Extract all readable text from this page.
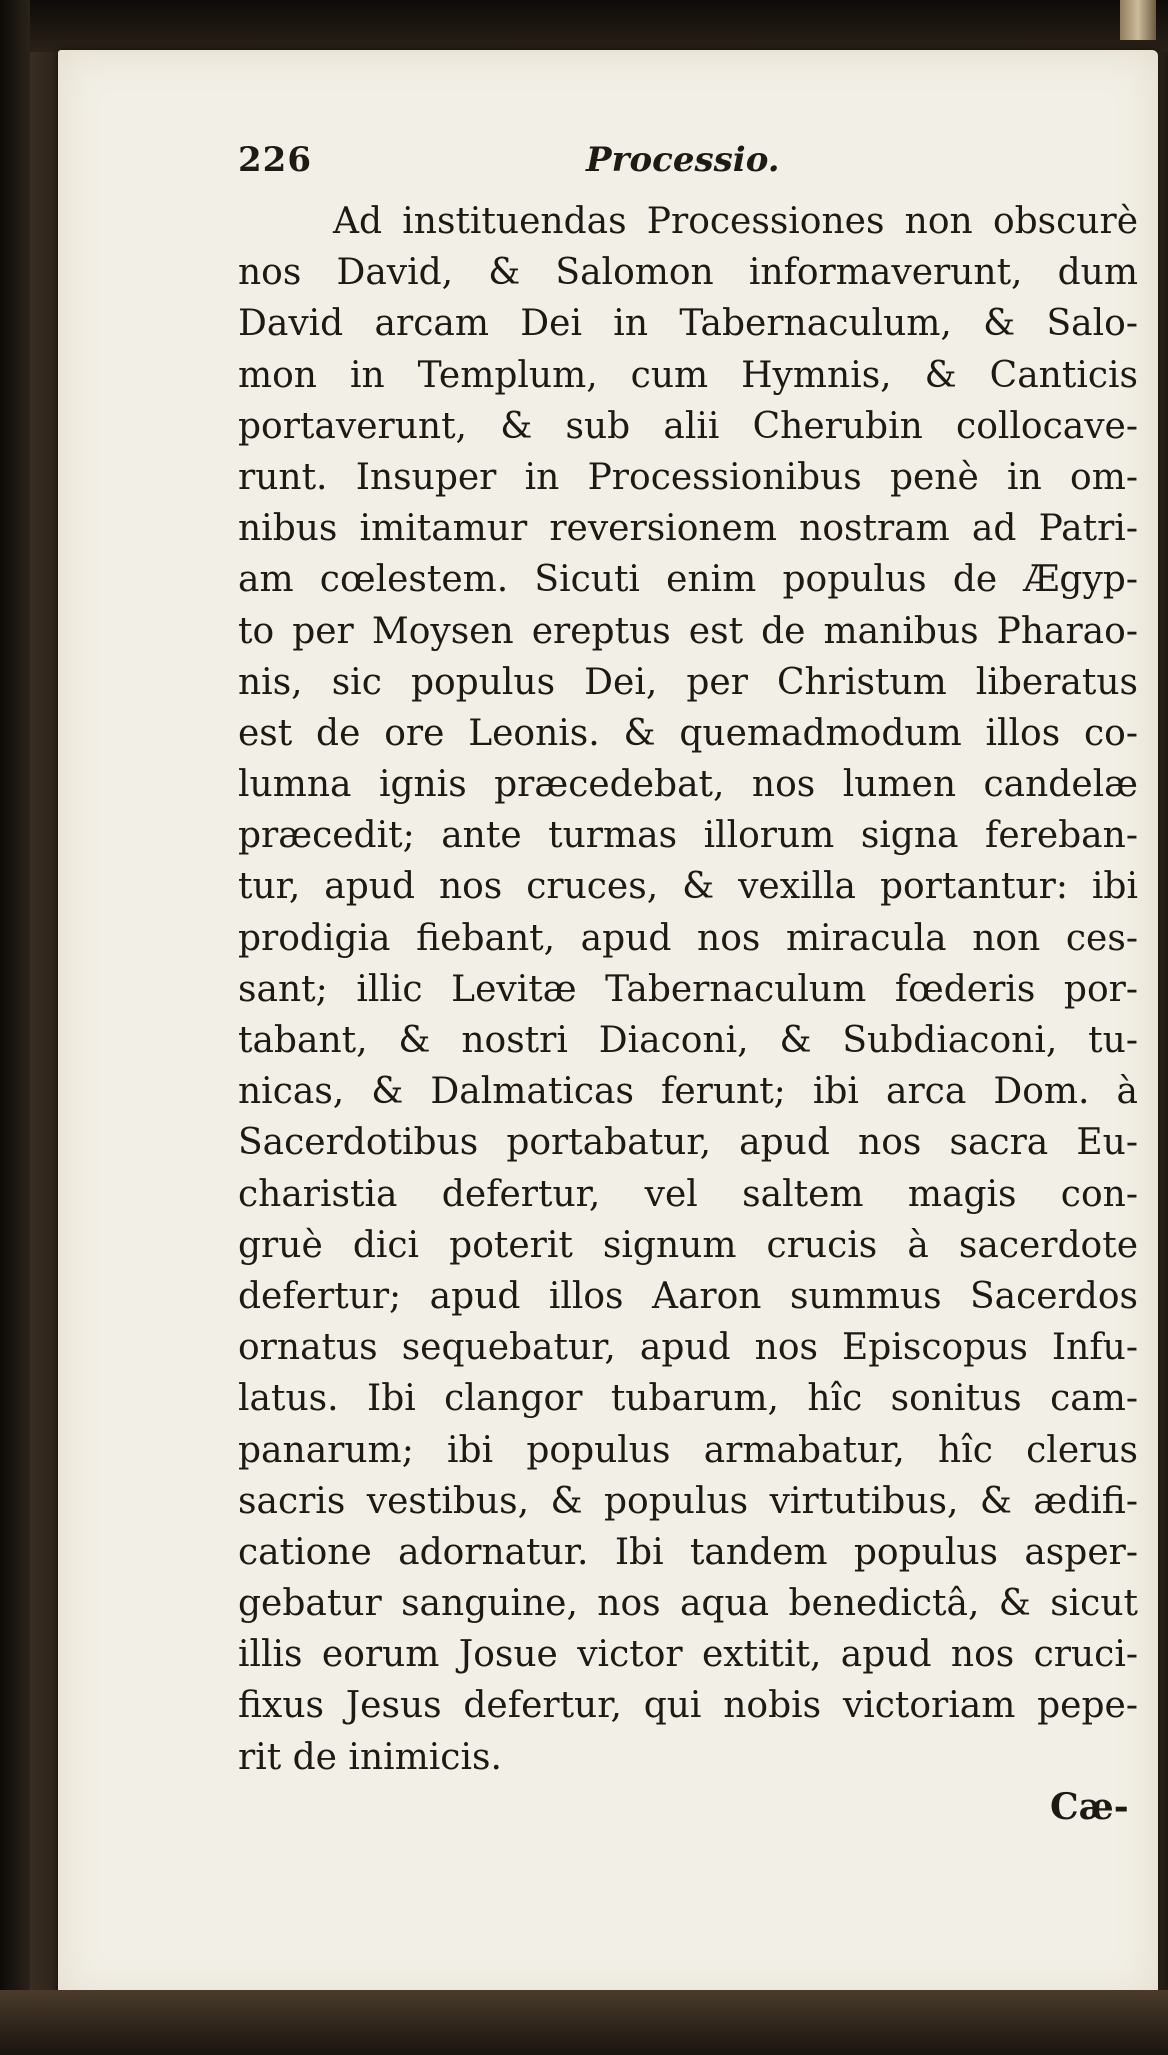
226	Processio.
Ad instituendas Processiones non obscurè
nos David, & Salomon informaverunt, dum
David arcam Dei in Tabernaculum, & Salo-
mon in Templum, cum Hymnis, & Canticis
portaverunt, & sub alii Cherubin collocave-
runt. Insuper in Processionibus penè in om-
nibus imitamur reversionem nostram ad Patri-
am cœlestem. Sicuti enim populus de Ægyp-
to per Moysen ereptus est de manibus Pharao-
nis, sic populus Dei, per Christum liberatus
est de ore Leonis. & quemadmodum illos co-
lumna ignis præcedebat, nos lumen candelæ
præcedit; ante turmas illorum signa fereban-
tur, apud nos cruces, & vexilla portantur: ibi
prodigia fiebant, apud nos miracula non ces-
sant; illic Levitæ Tabernaculum fœderis por-
tabant, & nostri Diaconi, & Subdiaconi, tu-
nicas, & Dalmaticas ferunt; ibi arca Dom. à
Sacerdotibus portabatur, apud nos sacra Eu-
charistia defertur, vel saltem magis con-
gruè dici poterit signum crucis à sacerdote
defertur; apud illos Aaron summus Sacerdos
ornatus sequebatur, apud nos Episcopus Infu-
latus. Ibi clangor tubarum, hîc sonitus cam-
panarum; ibi populus armabatur, hîc clerus
sacris vestibus, & populus virtutibus, & ædifi-
catione adornatur. Ibi tandem populus asper-
gebatur sanguine, nos aqua benedictâ, & sicut
illis eorum Josue victor extitit, apud nos cruci-
fixus Jesus defertur, qui nobis victoriam pepe-
rit de inimicis.
Cæ-
